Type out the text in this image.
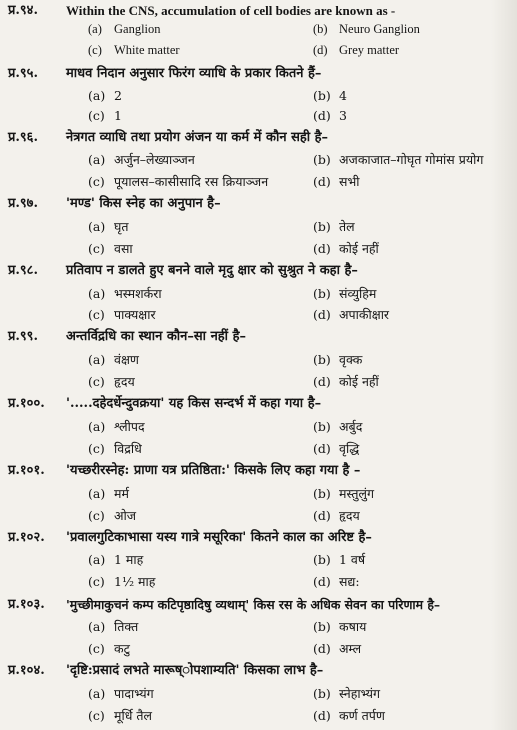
प्र.९४. Within the CNS, accumulation of cell bodies are known as -
(a) Ganglion	(b) Neuro Ganglion
(c) White matter	(d) Grey matter
प्र.९५. माधव निदान अनुसार फिरंग व्याधि के प्रकार कितने हैं–
(a) 2	(b) 4
(c) 1	(d) 3
प्र.९६. नेत्रगत व्याधि तथा प्रयोग अंजन या कर्म में कौन सही है–
(a) अर्जुन–लेख्याञ्जन	(b) अजकाजात–गोघृत गोमांस प्रयोग
(c) पूयालस–कासीसादि रस क्रियाञ्जन	(d) सभी
प्र.९७. 'मण्ड' किस स्नेह का अनुपान है–
(a) घृत	(b) तेल
(c) वसा	(d) कोई नहीं
प्र.९८. प्रतिवाप न डालते हुए बनने वाले मृदु क्षार को सुश्रुत ने कहा है–
(a) भस्मशर्करा	(b) संव्युहिम
(c) पाक्यक्षार	(d) अपाकीक्षार
प्र.९९. अन्तर्विद्रधि का स्थान कौन–सा नहीं है–
(a) वंक्षण	(b) वृक्क
(c) हृदय	(d) कोई नहीं
प्र.१००. '.....दहेदर्धेन्दुवक्रया' यह किस सन्दर्भ में कहा गया है–
(a) श्लीपद	(b) अर्बुद
(c) विद्रधि	(d) वृद्धि
प्र.१०१. 'यच्छरीरस्नेह: प्राणा यत्र प्रतिष्ठिता:' किसके लिए कहा गया है –
(a) मर्म	(b) मस्तुलुंग
(c) ओज	(d) हृदय
प्र.१०२. 'प्रवालगुटिकाभासा यस्य गात्रे मसूरिका' कितने काल का अरिष्ट है–
(a) 1 माह	(b) 1 वर्ष
(c) 1½ माह	(d) सद्य:
प्र.१०३. 'मुच्छीमाकुचनं कम्प कटिपृष्ठादिषु व्यथाम्' किस रस के अधिक सेवन का परिणाम है–
(a) तिक्त	(b) कषाय
(c) कटु	(d) अम्ल
प्र.१०४. 'दृष्टि:प्रसादं लभते मारूष्ोपशाम्यति' किसका लाभ है–
(a) पादाभ्यंग	(b) स्नेहाभ्यंग
(c) मूर्धि तैल	(d) कर्ण तर्पण
